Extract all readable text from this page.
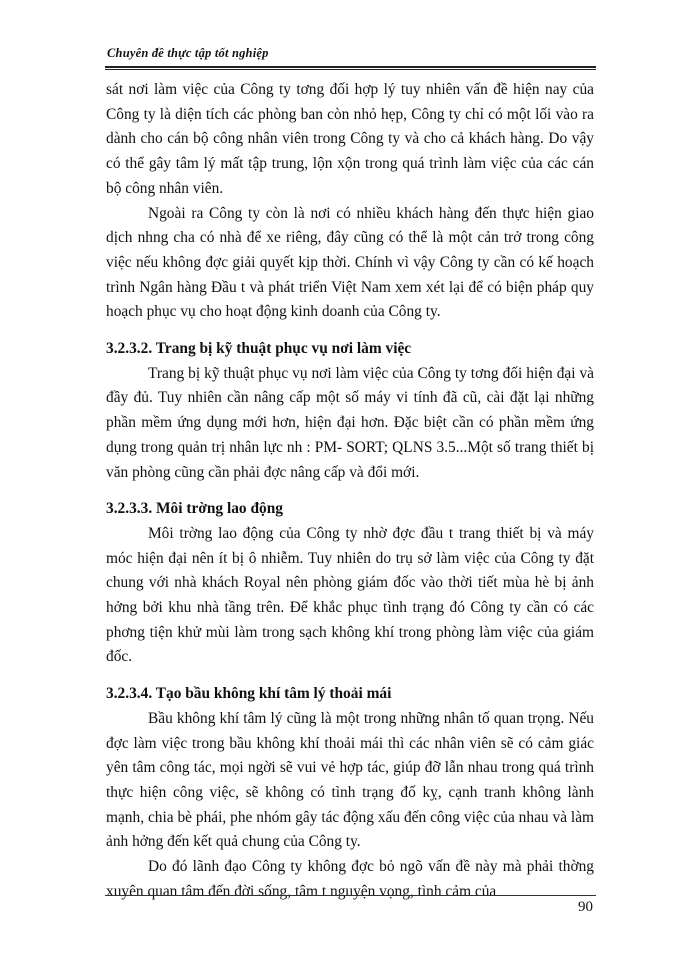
Chuyên đề thực tập tốt nghiệp

sát nơi làm việc của Công ty tơng đối hợp lý tuy nhiên vấn đề hiện nay của Công ty là diện tích các phòng ban còn nhỏ hẹp, Công ty chỉ có một lối vào ra dành cho cán bộ công nhân viên trong Công ty và cho cả khách hàng. Do vậy có thể gây tâm lý mất tập trung, lộn xộn trong quá trình làm việc của các cán bộ công nhân viên.

Ngoài ra Công ty còn là nơi có nhiều khách hàng đến thực hiện giao dịch nhng cha có nhà để xe riêng, đây cũng có thể là một cản trở trong công việc nếu không đợc giải quyết kịp thời. Chính vì vậy Công ty cần có kế hoạch trình Ngân hàng Đầu t và phát triển Việt Nam xem xét lại để có biện pháp quy hoạch phục vụ cho hoạt động kinh doanh của Công ty.

3.2.3.2. Trang bị kỹ thuật phục vụ nơi làm việc

Trang bị kỹ thuật phục vụ nơi làm việc của Công ty tơng đối hiện đại và đầy đủ. Tuy nhiên cần nâng cấp một số máy vi tính đã cũ, cài đặt lại những phần mềm ứng dụng mới hơn, hiện đại hơn. Đặc biệt cần có phần mềm ứng dụng trong quản trị nhân lực nh : PM- SORT; QLNS 3.5...Một số trang thiết bị văn phòng cũng cần phải đợc nâng cấp và đổi mới.

3.2.3.3. Môi trờng lao động

Môi trờng lao động của Công ty nhờ đợc đầu t trang thiết bị và máy móc hiện đại nên ít bị ô nhiễm. Tuy nhiên do trụ sở làm việc của Công ty đặt chung với nhà khách Royal nên phòng giám đốc vào thời tiết mùa hè bị ảnh hởng bởi khu nhà tầng trên. Để khắc phục tình trạng đó Công ty cần có các phơng tiện khử mùi làm trong sạch không khí trong phòng làm việc của giám đốc.

3.2.3.4. Tạo bầu không khí tâm lý thoải mái

Bầu không khí tâm lý cũng là một trong những nhân tố quan trọng. Nếu đợc làm việc trong bầu không khí thoải mái thì các nhân viên sẽ có cảm giác yên tâm công tác, mọi ngời sẽ vui vẻ hợp tác, giúp đỡ lẫn nhau trong quá trình thực hiện công việc, sẽ không có tình trạng đố kỵ, cạnh tranh không lành mạnh, chia bè phái, phe nhóm gây tác động xấu đến công việc của nhau và làm ảnh hởng đến kết quả chung của Công ty.

Do đó lãnh đạo Công ty không đợc bỏ ngõ vấn đề này mà phải thờng xuyên quan tâm đến đời sống, tâm t nguyện vọng, tình cảm của

90
